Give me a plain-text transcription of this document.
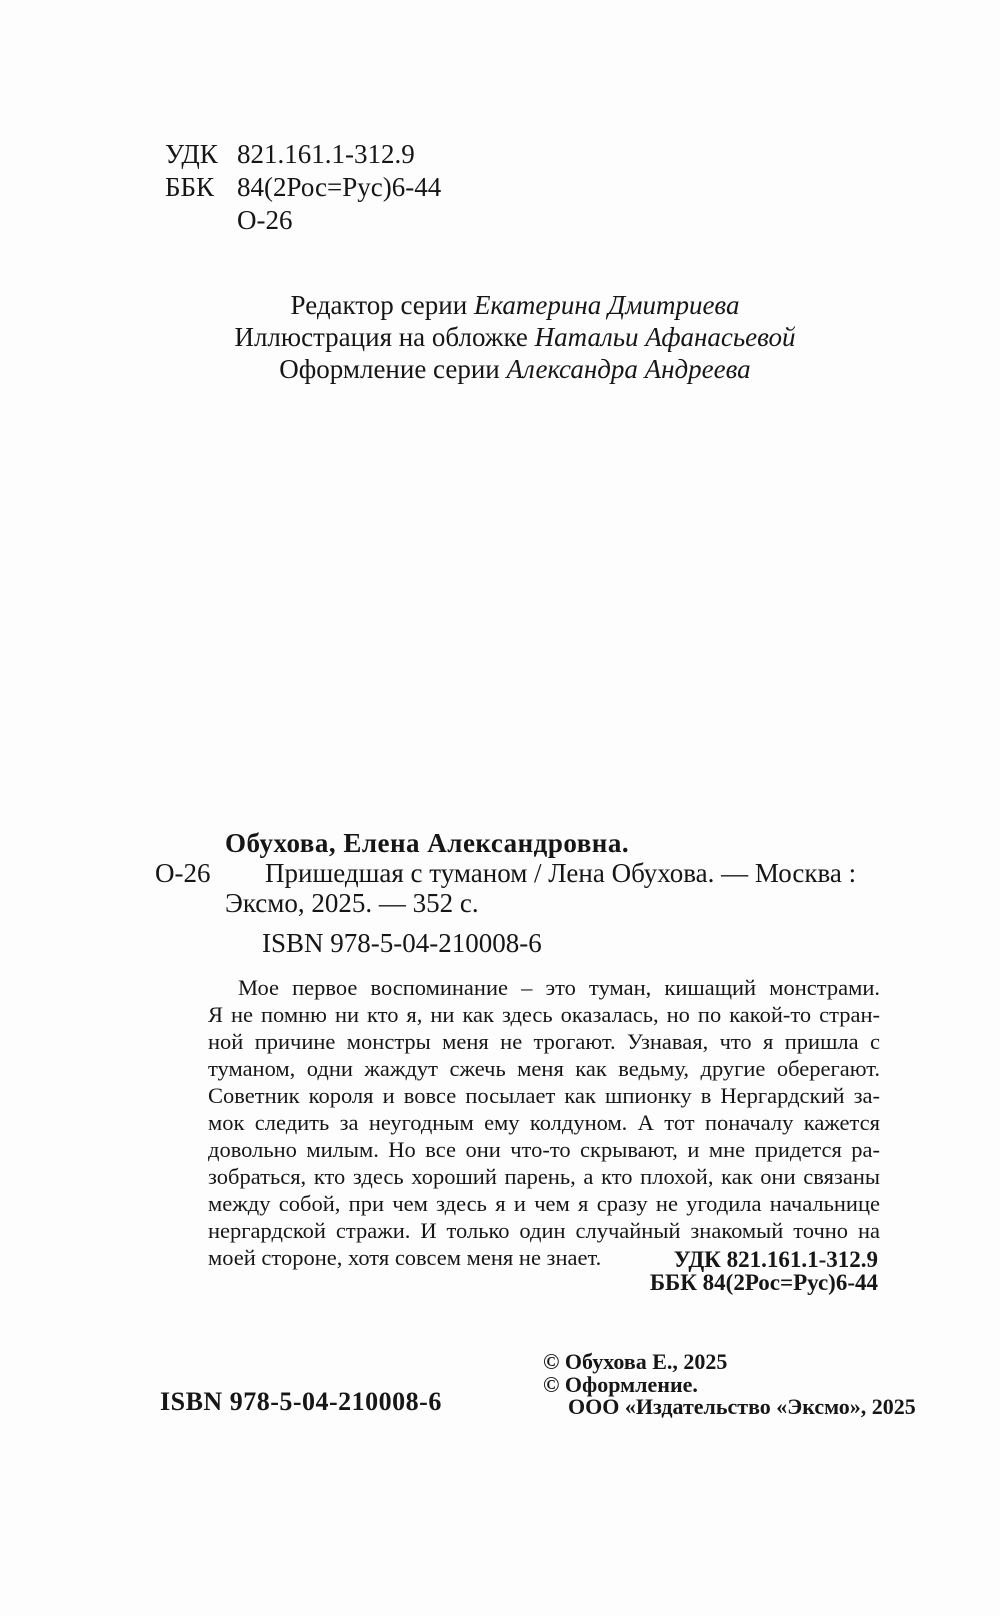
УДК 821.161.1-312.9
ББК 84(2Рос=Рус)6-44
О-26
Редактор серии Екатерина Дмитриева
Иллюстрация на обложке Натальи Афанасьевой
Оформление серии Александра Андреева
Обухова, Елена Александровна.
О-26 Пришедшая с туманом / Лена Обухова. — Москва :
Эксмо, 2025. — 352 с.
ISBN 978-5-04-210008-6
Мое первое воспоминание – это туман, кишащий монстрами.
Я не помню ни кто я, ни как здесь оказалась, но по какой-то стран-
ной причине монстры меня не трогают. Узнавая, что я пришла с
туманом, одни жаждут сжечь меня как ведьму, другие оберегают.
Советник короля и вовсе посылает как шпионку в Нергардский за-
мок следить за неугодным ему колдуном. А тот поначалу кажется
довольно милым. Но все они что-то скрывают, и мне придется ра-
зобраться, кто здесь хороший парень, а кто плохой, как они связаны
между собой, при чем здесь я и чем я сразу не угодила начальнице
нергардской стражи. И только один случайный знакомый точно на
моей стороне, хотя совсем меня не знает.	УДК 821.161.1-312.9
ББК 84(2Рос=Рус)6-44
© Обухова Е., 2025
© Оформление.
ООО «Издательство «Эксмо», 2025
ISBN 978-5-04-210008-6
